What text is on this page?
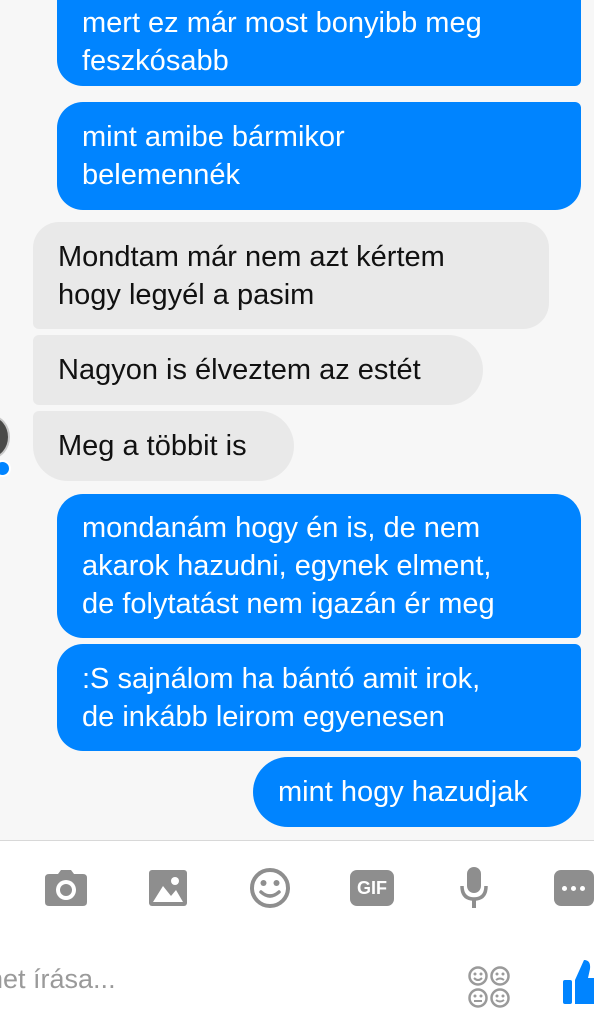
mert ez már most bonyibb meg
feszkósabb
mint amibe bármikor
belemennék
Mondtam már nem azt kértem
hogy legyél a pasim
Nagyon is élveztem az estét
Meg a többit is
mondanám hogy én is, de nem
akarok hazudni, egynek elment,
de folytatást nem igazán ér meg
:S sajnálom ha bántó amit irok,
de inkább leirom egyenesen
mint hogy hazudjak
GIF
net írása...
